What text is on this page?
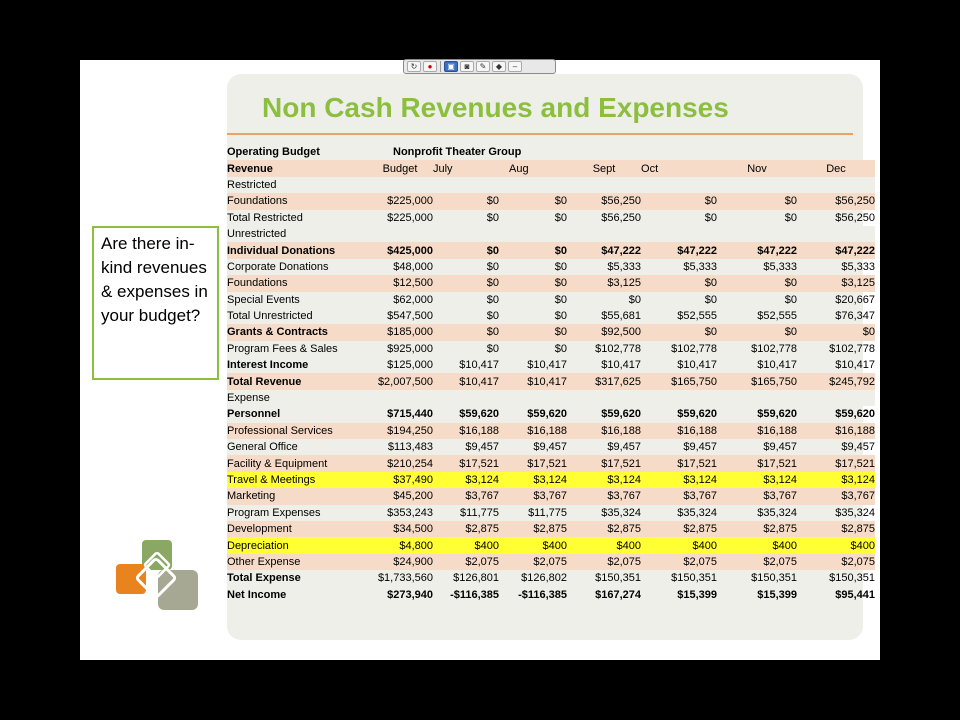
↻	●	▣	◙	✎	◆	–
Non Cash Revenues and Expenses
Operating Budget	Nonprofit Theater Group						
Revenue	Budget	July	Aug	Sept	Oct	Nov	Dec
Restricted							
Foundations	$225,000	$0	$0	$56,250	$0	$0	$56,250
Total Restricted	$225,000	$0	$0	$56,250	$0	$0	$56,250
Unrestricted							
Individual Donations	$425,000	$0	$0	$47,222	$47,222	$47,222	$47,222
Corporate Donations	$48,000	$0	$0	$5,333	$5,333	$5,333	$5,333
Foundations	$12,500	$0	$0	$3,125	$0	$0	$3,125
Special Events	$62,000	$0	$0	$0	$0	$0	$20,667
Total Unrestricted	$547,500	$0	$0	$55,681	$52,555	$52,555	$76,347
Grants & Contracts	$185,000	$0	$0	$92,500	$0	$0	$0
Program Fees & Sales	$925,000	$0	$0	$102,778	$102,778	$102,778	$102,778
Interest Income	$125,000	$10,417	$10,417	$10,417	$10,417	$10,417	$10,417
Total Revenue	$2,007,500	$10,417	$10,417	$317,625	$165,750	$165,750	$245,792
Expense							
Personnel	$715,440	$59,620	$59,620	$59,620	$59,620	$59,620	$59,620
Professional Services	$194,250	$16,188	$16,188	$16,188	$16,188	$16,188	$16,188
General Office	$113,483	$9,457	$9,457	$9,457	$9,457	$9,457	$9,457
Facility & Equipment	$210,254	$17,521	$17,521	$17,521	$17,521	$17,521	$17,521
Travel & Meetings	$37,490	$3,124	$3,124	$3,124	$3,124	$3,124	$3,124
Marketing	$45,200	$3,767	$3,767	$3,767	$3,767	$3,767	$3,767
Program Expenses	$353,243	$11,775	$11,775	$35,324	$35,324	$35,324	$35,324
Development	$34,500	$2,875	$2,875	$2,875	$2,875	$2,875	$2,875
Depreciation	$4,800	$400	$400	$400	$400	$400	$400
Other Expense	$24,900	$2,075	$2,075	$2,075	$2,075	$2,075	$2,075
Total Expense	$1,733,560	$126,801	$126,802	$150,351	$150,351	$150,351	$150,351
Net Income	$273,940	-$116,385	-$116,385	$167,274	$15,399	$15,399	$95,441
Are there in-kind revenues & expenses in your budget?
